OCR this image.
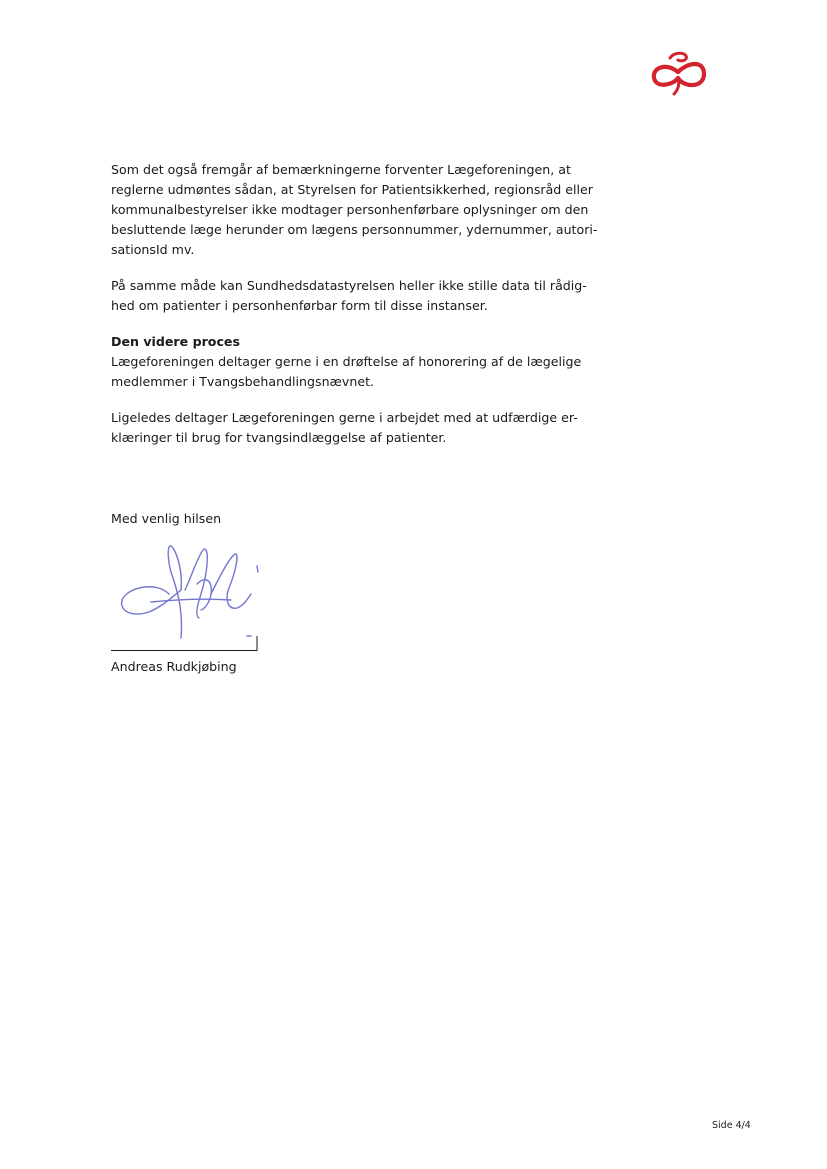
Som det også fremgår af bemærkningerne forventer Lægeforeningen, at
reglerne udmøntes sådan, at Styrelsen for Patientsikkerhed, regionsråd eller
kommunalbestyrelser ikke modtager personhenførbare oplysninger om den
besluttende læge herunder om lægens personnummer, ydernummer, autori-
sationsId mv.

På samme måde kan Sundhedsdatastyrelsen heller ikke stille data til rådig-
hed om patienter i personhenførbar form til disse instanser.

Den videre proces
Lægeforeningen deltager gerne i en drøftelse af honorering af de lægelige
medlemmer i Tvangsbehandlingsnævnet.

Ligeledes deltager Lægeforeningen gerne i arbejdet med at udfærdige er-
klæringer til brug for tvangsindlæggelse af patienter.

Med venlig hilsen
Andreas Rudkjøbing
Side 4/4
